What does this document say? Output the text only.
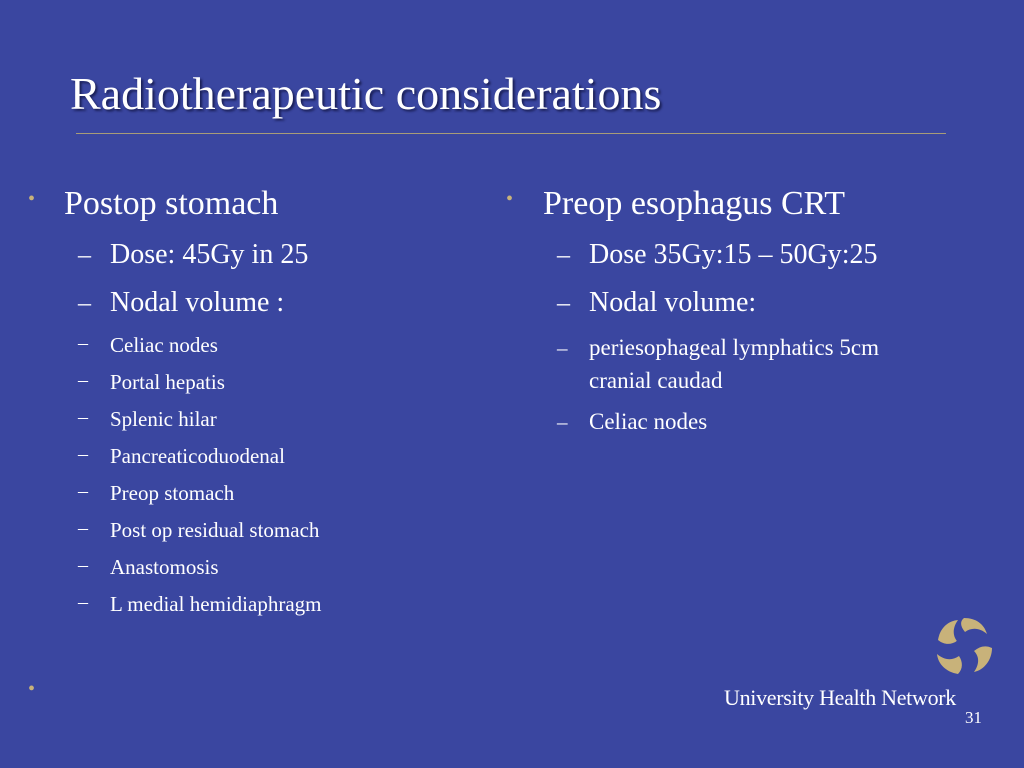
Radiotherapeutic considerations
• Postop stomach
– Dose: 45Gy in 25
– Nodal volume :
– Celiac nodes
– Portal hepatis
– Splenic hilar
– Pancreaticoduodenal
– Preop stomach
– Post op residual stomach
– Anastomosis
– L medial hemidiaphragm
•
• Preop esophagus CRT
– Dose 35Gy:15 – 50Gy:25
– Nodal volume:
– periesophageal lymphatics 5cm
cranial caudad
– Celiac nodes
University Health Network
31
